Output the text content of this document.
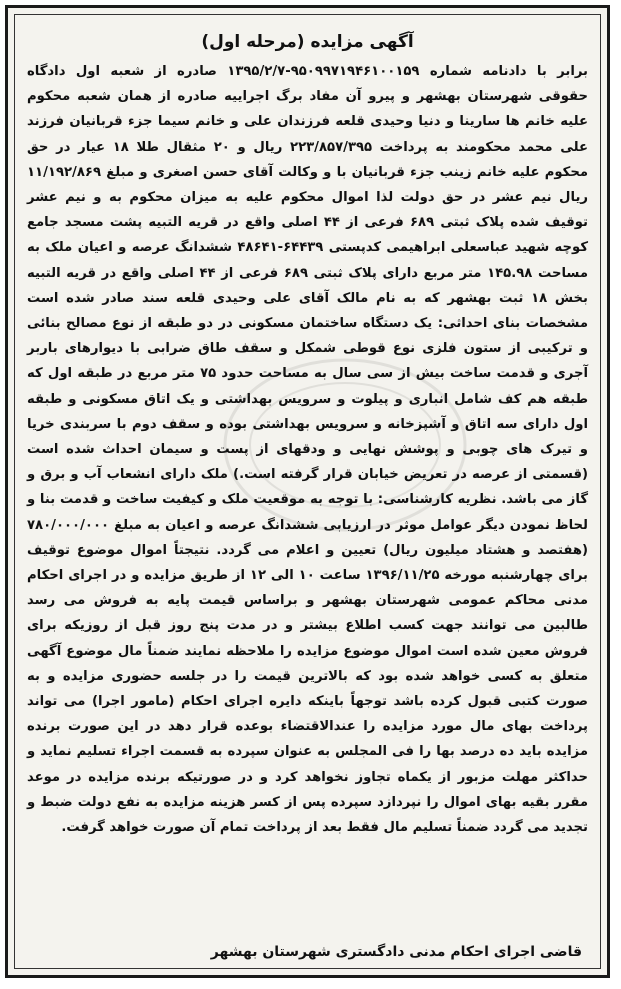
آگهی مزایده (مرحله اول)
برابر با دادنامه شماره ۹۵۰۹۹۷۱۹۴۶۱۰۰۱۵۹-۱۳۹۵/۲/۷ صادره از شعبه اول دادگاه حقوقی شهرستان بهشهر و پیرو آن مفاد برگ اجراییه صادره از همان شعبه محکوم علیه خانم ها سارینا و دنیا وحیدی قلعه فرزندان علی و خانم سیما جزء قربانیان فرزند علی محمد محکومند به پرداخت ۲۲۳/۸۵۷/۳۹۵ ریال و ۲۰ مثقال طلا ۱۸ عیار در حق محکوم علیه خانم زینب جزء قربانیان با و وکالت آقای حسن اصغری و مبلغ ۱۱/۱۹۲/۸۶۹ ریال نیم عشر در حق دولت لذا اموال محکوم علیه به میزان محکوم به و نیم عشر توقیف شده پلاک ثبتی ۶۸۹ فرعی از ۴۴ اصلی واقع در قریه التبیه پشت مسجد جامع کوچه شهید عباسعلی ابراهیمی کدپستی ۶۴۴۳۹-۴۸۶۴۱ ششدانگ عرصه و اعیان ملک به مساحت ۱۴۵.۹۸ متر مربع دارای پلاک ثبتی ۶۸۹ فرعی از ۴۴ اصلی واقع در قریه التبیه بخش ۱۸ ثبت بهشهر که به نام مالک آقای علی وحیدی قلعه سند صادر شده است مشخصات بنای احداثی: یک دستگاه ساختمان مسکونی در دو طبقه از نوع مصالح بنائی و ترکیبی از ستون فلزی نوع قوطی شمکل و سقف طاق ضرابی با دیوارهای باربر آجری و قدمت ساخت بیش از سی سال به مساحت حدود ۷۵ متر مربع در طبقه اول که طبقه هم کف شامل انباری و پیلوت و سرویس بهداشتی و یک اتاق مسکونی و طبقه اول دارای سه اتاق و آشپزخانه و سرویس بهداشتی بوده و سقف دوم با سربندی خریا و تیرک های چوبی و پوشش نهایی و ودقهای از پست و سیمان احداث شده است (قسمتی از عرصه در تعریض خیابان قرار گرفته است.) ملک دارای انشعاب آب و برق و گاز می باشد. نظریه کارشناسی: با توجه به موقعیت ملک و کیفیت ساخت و قدمت بنا و لحاظ نمودن دیگر عوامل موثر در ارزیابی ششدانگ عرصه و اعیان به مبلغ ۷۸۰/۰۰۰/۰۰۰ (هفتصد و هشتاد میلیون ریال) تعیین و اعلام می گردد. نتیجتاً اموال موضوع توقیف برای چهارشنبه مورخه ۱۳۹۶/۱۱/۲۵ ساعت ۱۰ الی ۱۲ از طریق مزایده و در اجرای احکام مدنی محاکم عمومی شهرستان بهشهر و براساس قیمت پایه به فروش می رسد طالبین می توانند جهت کسب اطلاع بیشتر و در مدت پنج روز قبل از روزیکه برای فروش معین شده است اموال موضوع مزایده را ملاحظه نمایند ضمناً مال موضوع آگهی متعلق به کسی خواهد شده بود که بالاترین قیمت را در جلسه حضوری مزایده و به صورت کتبی قبول کرده باشد توجهاً باینکه دایره اجرای احکام (مامور اجرا) می تواند پرداخت بهای مال مورد مزایده را عندالاقتضاء بوعده قرار دهد در این صورت برنده مزایده باید ده درصد بها را فی المجلس به عنوان سپرده به قسمت اجراء تسلیم نماید و حداکثر مهلت مزبور از یکماه تجاوز نخواهد کرد و در صورتیکه برنده مزایده در موعد مقرر بقیه بهای اموال را نپردازد سپرده پس از کسر هزینه مزایده به نفع دولت ضبط و تجدید می گردد ضمناً تسلیم مال فقط بعد از پرداخت تمام آن صورت خواهد گرفت.
قاضی اجرای احکام مدنی دادگستری شهرستان بهشهر
